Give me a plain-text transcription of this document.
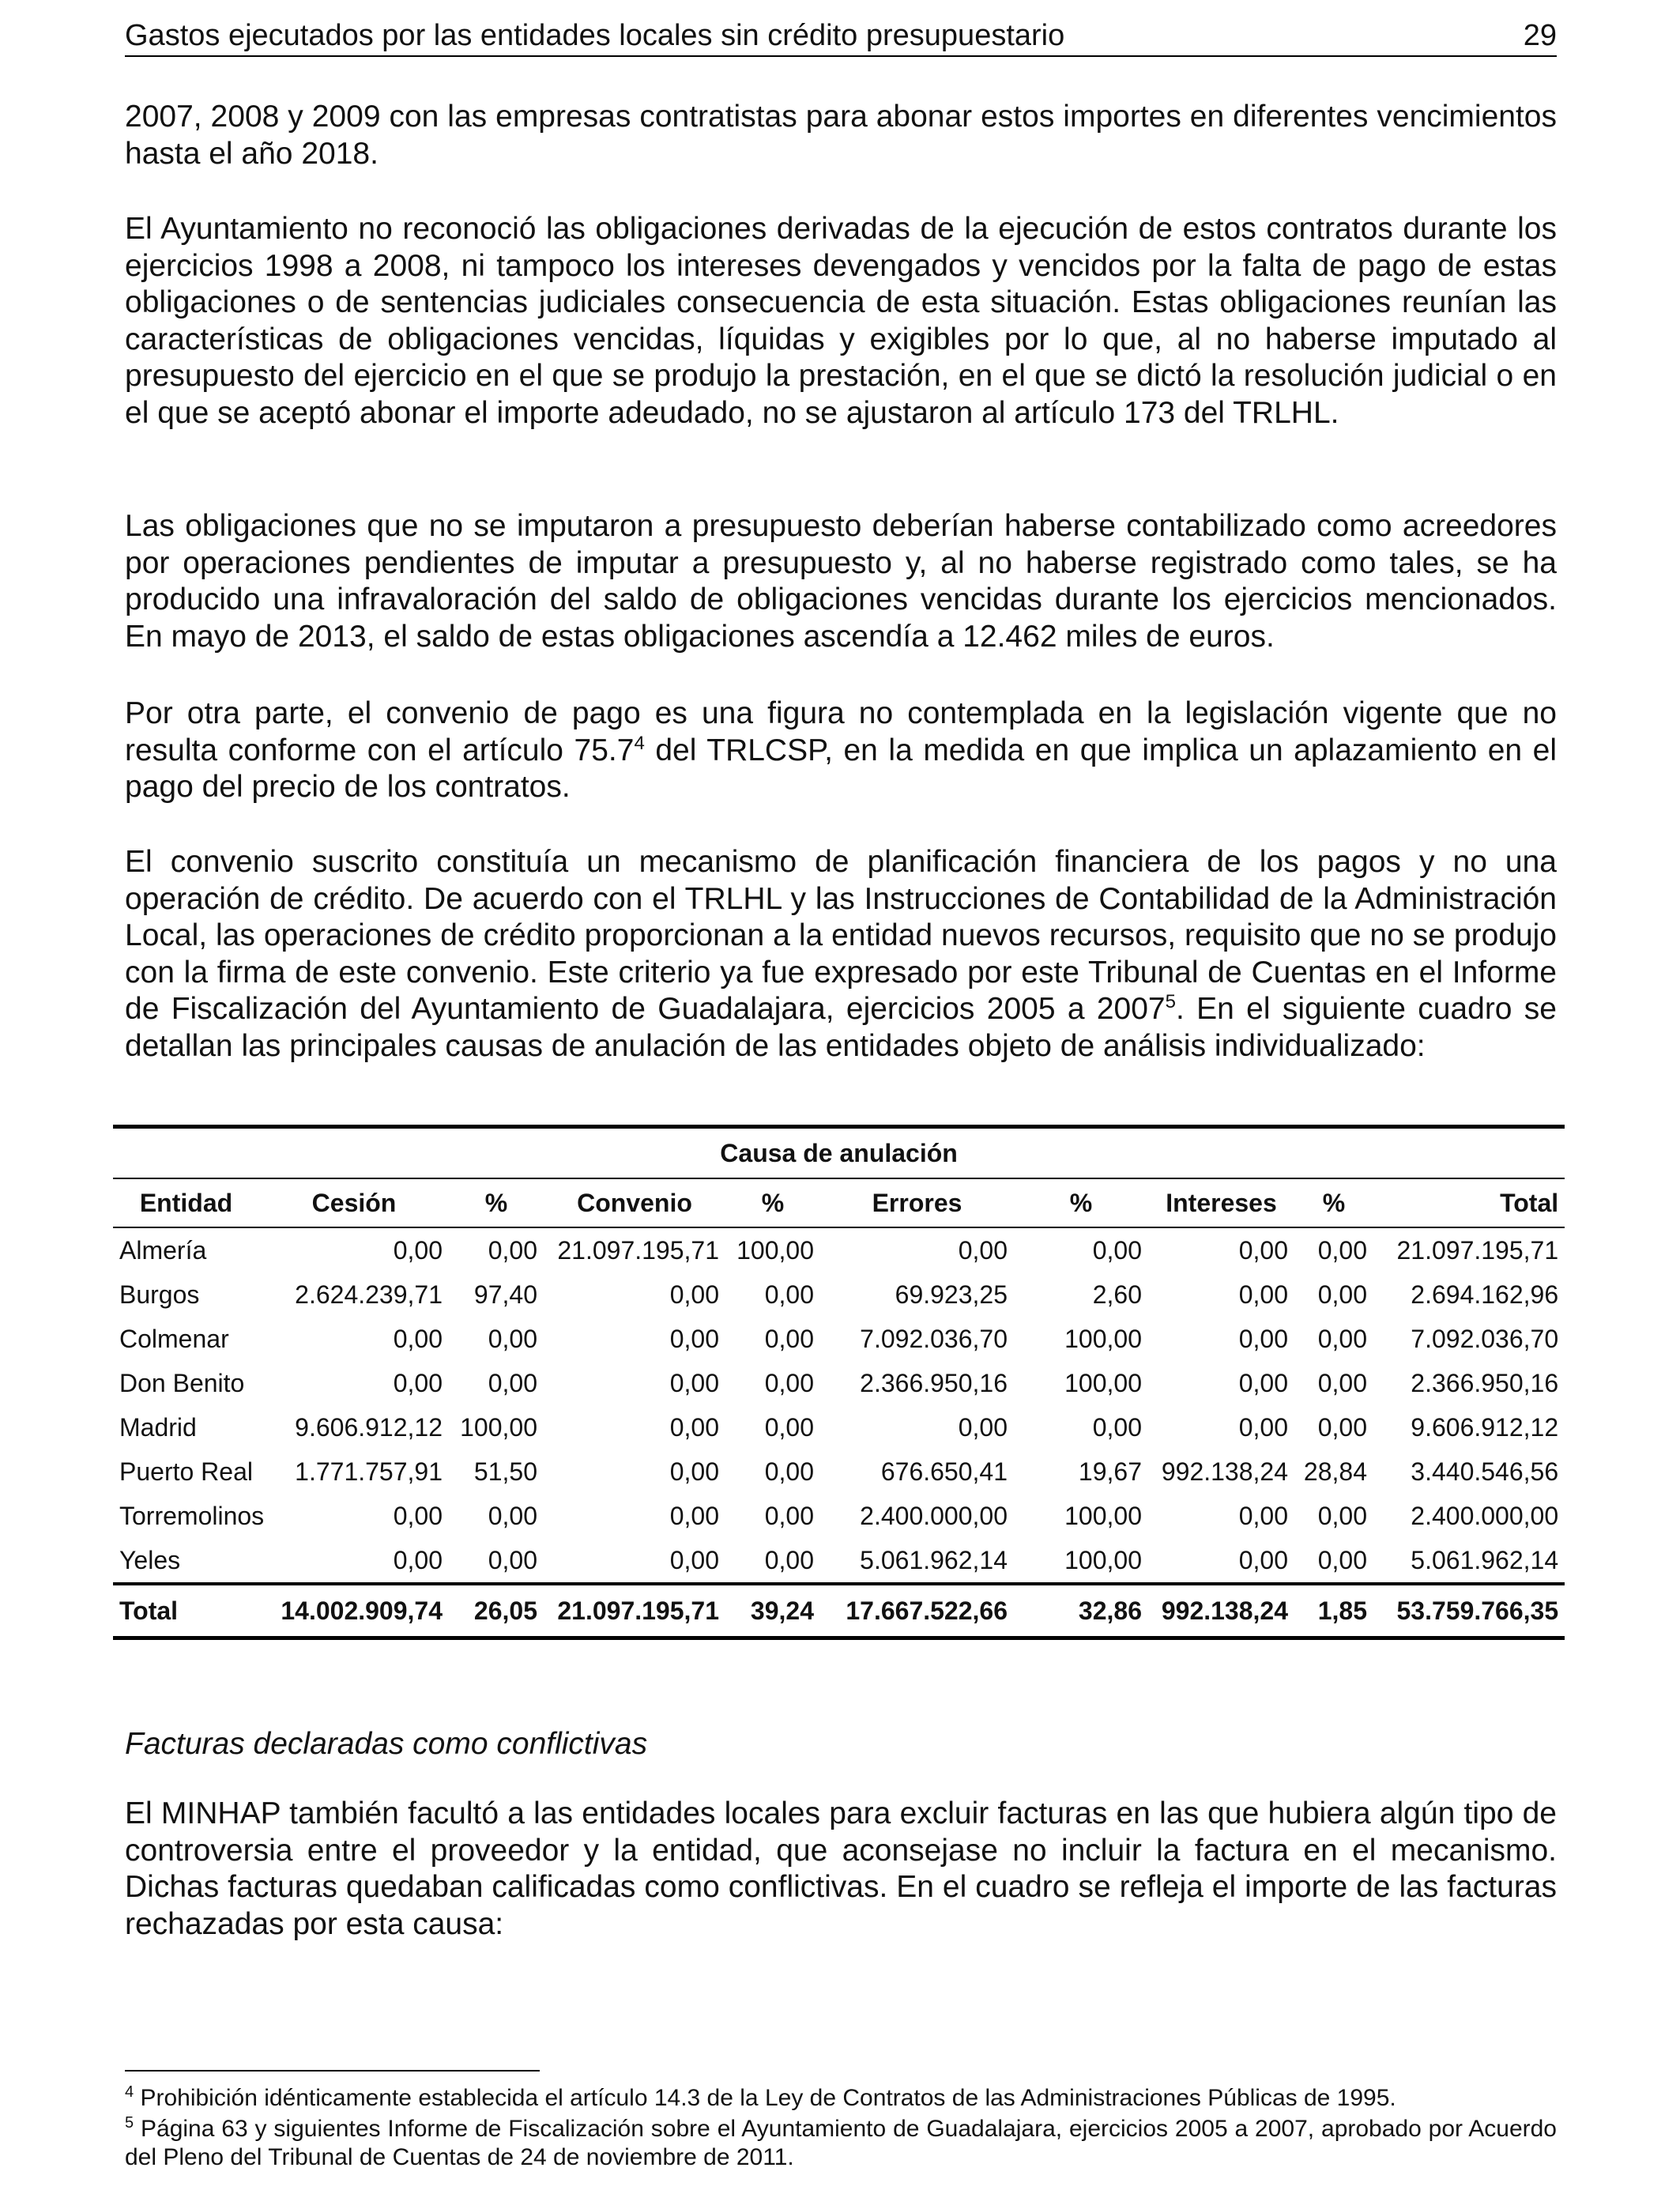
Gastos ejecutados por las entidades locales sin crédito presupuestario	29

2007, 2008 y 2009 con las empresas contratistas para abonar estos importes en diferentes vencimientos hasta el año 2018.

El Ayuntamiento no reconoció las obligaciones derivadas de la ejecución de estos contratos durante los ejercicios 1998 a 2008, ni tampoco los intereses devengados y vencidos por la falta de pago de estas obligaciones o de sentencias judiciales consecuencia de esta situación. Estas obligaciones reunían las características de obligaciones vencidas, líquidas y exigibles por lo que, al no haberse imputado al presupuesto del ejercicio en el que se produjo la prestación, en el que se dictó la resolución judicial o en el que se aceptó abonar el importe adeudado, no se ajustaron al artículo 173 del TRLHL.

Las obligaciones que no se imputaron a presupuesto deberían haberse contabilizado como acreedores por operaciones pendientes de imputar a presupuesto y, al no haberse registrado como tales, se ha producido una infravaloración del saldo de obligaciones vencidas durante los ejercicios mencionados. En mayo de 2013, el saldo de estas obligaciones ascendía a 12.462 miles de euros.

Por otra parte, el convenio de pago es una figura no contemplada en la legislación vigente que no resulta conforme con el artículo 75.7$^4$ del TRLCSP, en la medida en que implica un aplazamiento en el pago del precio de los contratos.

El convenio suscrito constituía un mecanismo de planificación financiera de los pagos y no una operación de crédito. De acuerdo con el TRLHL y las Instrucciones de Contabilidad de la Administración Local, las operaciones de crédito proporcionan a la entidad nuevos recursos, requisito que no se produjo con la firma de este convenio. Este criterio ya fue expresado por este Tribunal de Cuentas en el Informe de Fiscalización del Ayuntamiento de Guadalajara, ejercicios 2005 a 2007$^5$. En el siguiente cuadro se detallan las principales causas de anulación de las entidades objeto de análisis individualizado:

Causa de anulación									
Entidad	Cesión	%	Convenio	%	Errores	%	Intereses	%	Total
Almería	0,00	0,00	21.097.195,71	100,00	0,00	0,00	0,00	0,00	21.097.195,71
Burgos	2.624.239,71	97,40	0,00	0,00	69.923,25	2,60	0,00	0,00	2.694.162,96
Colmenar	0,00	0,00	0,00	0,00	7.092.036,70	100,00	0,00	0,00	7.092.036,70
Don Benito	0,00	0,00	0,00	0,00	2.366.950,16	100,00	0,00	0,00	2.366.950,16
Madrid	9.606.912,12	100,00	0,00	0,00	0,00	0,00	0,00	0,00	9.606.912,12
Puerto Real	1.771.757,91	51,50	0,00	0,00	676.650,41	19,67	992.138,24	28,84	3.440.546,56
Torremolinos	0,00	0,00	0,00	0,00	2.400.000,00	100,00	0,00	0,00	2.400.000,00
Yeles	0,00	0,00	0,00	0,00	5.061.962,14	100,00	0,00	0,00	5.061.962,14
Total	14.002.909,74	26,05	21.097.195,71	39,24	17.667.522,66	32,86	992.138,24	1,85	53.759.766,35

Facturas declaradas como conflictivas

El MINHAP también facultó a las entidades locales para excluir facturas en las que hubiera algún tipo de controversia entre el proveedor y la entidad, que aconsejase no incluir la factura en el mecanismo. Dichas facturas quedaban calificadas como conflictivas. En el cuadro se refleja el importe de las facturas rechazadas por esta causa:

$^4$ Prohibición idénticamente establecida el artículo 14.3 de la Ley de Contratos de las Administraciones Públicas de 1995.

$^5$ Página 63 y siguientes Informe de Fiscalización sobre el Ayuntamiento de Guadalajara, ejercicios 2005 a 2007, aprobado por Acuerdo del Pleno del Tribunal de Cuentas de 24 de noviembre de 2011.
